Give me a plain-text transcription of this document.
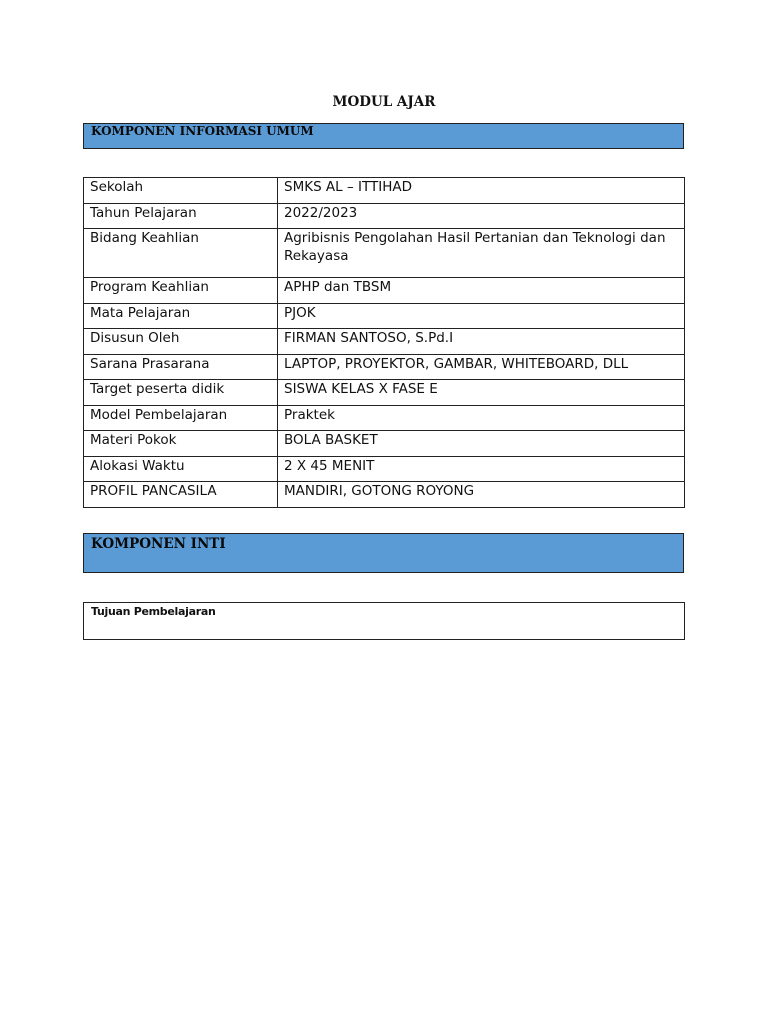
MODUL AJAR
KOMPONEN INFORMASI UMUM
Sekolah	SMKS AL – ITTIHAD
Tahun Pelajaran	2022/2023
Bidang Keahlian	Agribisnis Pengolahan Hasil Pertanian dan Teknologi dan Rekayasa
Program Keahlian	APHP dan TBSM
Mata Pelajaran	PJOK
Disusun Oleh	FIRMAN SANTOSO, S.Pd.I
Sarana Prasarana	LAPTOP, PROYEKTOR, GAMBAR, WHITEBOARD, DLL
Target peserta didik	SISWA KELAS X FASE E
Model Pembelajaran	Praktek
Materi Pokok	BOLA BASKET
Alokasi Waktu	2 X 45 MENIT
PROFIL PANCASILA	MANDIRI, GOTONG ROYONG
KOMPONEN INTI
Tujuan Pembelajaran
